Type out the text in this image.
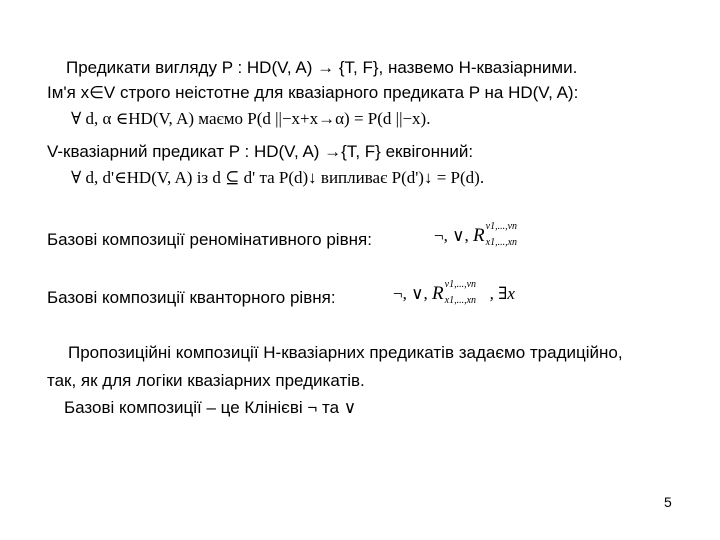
Предикати вигляду P : HD(V, A) → {T, F}, назвемо H-квазіарними.
Ім'я x∈V строго неістотне для квазіарного предиката P на HD(V, A):
∀ d, α ∈HD(V, A) маємо P(d ||−x+x→α) = P(d ||−x).
V-квазіарний предикат P : HD(V, A) →{T, F} еквігонний:
∀ d, d'∈HD(V, A) із d ⊆ d' та P(d)↓ випливає P(d')↓ = P(d).
Базові композиції реномінативного рівня:	¬, ∨, R v1,...,vn
x1,...,xn
Базові композиції кванторного рівня:	¬, ∨, R v1,...,vn
x1,...,xn , ∃x
Пропозиційні композиції H-квазіарних предикатів задаємо традиційно,
так, як для логіки квазіарних предикатів.
Базові композиції – це Клінієві ¬ та ∨
5
